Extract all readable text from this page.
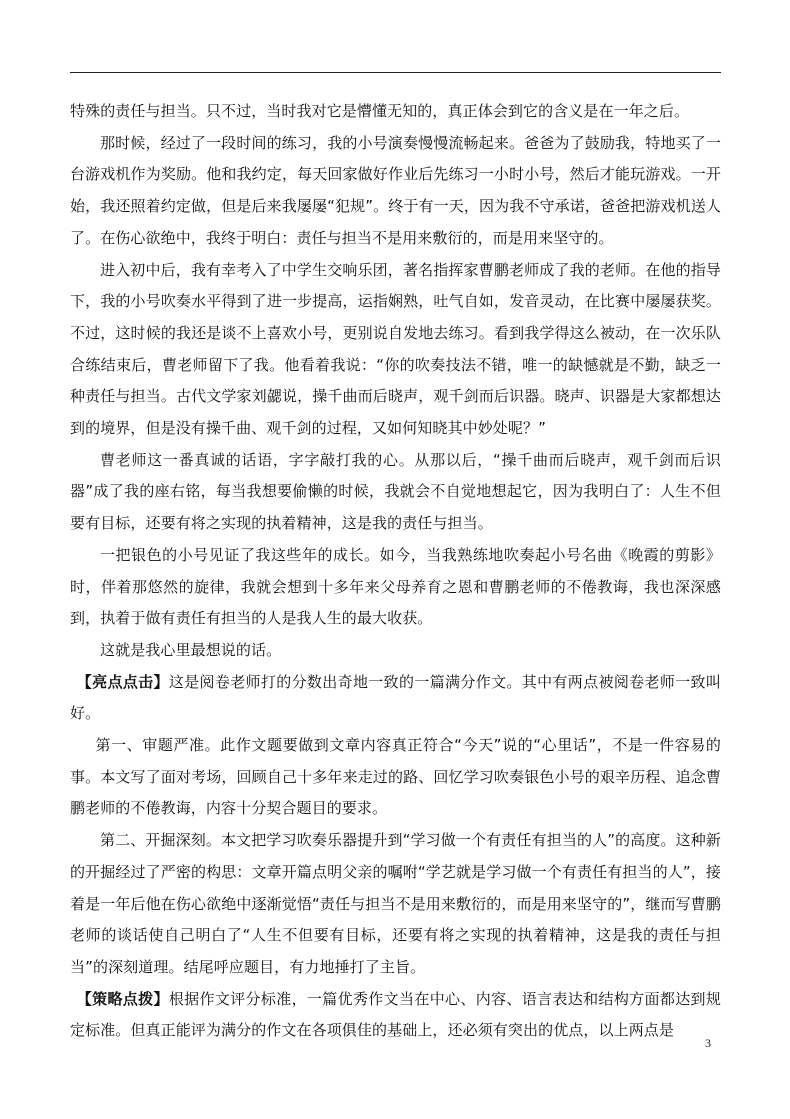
特殊的责任与担当。只不过，当时我对它是懵懂无知的，真正体会到它的含义是在一年之后。

那时候，经过了一段时间的练习，我的小号演奏慢慢流畅起来。爸爸为了鼓励我，特地买了一台游戏机作为奖励。他和我约定，每天回家做好作业后先练习一小时小号，然后才能玩游戏。一开始，我还照着约定做，但是后来我屡屡“犯规”。终于有一天，因为我不守承诺，爸爸把游戏机送人了。在伤心欲绝中，我终于明白：责任与担当不是用来敷衍的，而是用来坚守的。

进入初中后，我有幸考入了中学生交响乐团，著名指挥家曹鹏老师成了我的老师。在他的指导下，我的小号吹奏水平得到了进一步提高，运指娴熟，吐气自如，发音灵动，在比赛中屡屡获奖。不过，这时候的我还是谈不上喜欢小号，更别说自发地去练习。看到我学得这么被动，在一次乐队合练结束后，曹老师留下了我。他看着我说：“你的吹奏技法不错，唯一的缺憾就是不勤，缺乏一种责任与担当。古代文学家刘勰说，操千曲而后晓声，观千剑而后识器。晓声、识器是大家都想达到的境界，但是没有操千曲、观千剑的过程，又如何知晓其中妙处呢？”

曹老师这一番真诚的话语，字字敲打我的心。从那以后，“操千曲而后晓声，观千剑而后识器”成了我的座右铭，每当我想要偷懒的时候，我就会不自觉地想起它，因为我明白了：人生不但要有目标，还要有将之实现的执着精神，这是我的责任与担当。

一把银色的小号见证了我这些年的成长。如今，当我熟练地吹奏起小号名曲《晚霞的剪影》时，伴着那悠然的旋律，我就会想到十多年来父母养育之恩和曹鹏老师的不倦教诲，我也深深感到，执着于做有责任有担当的人是我人生的最大收获。

这就是我心里最想说的话。

【亮点点击】这是阅卷老师打的分数出奇地一致的一篇满分作文。其中有两点被阅卷老师一致叫好。

第一、审题严准。此作文题要做到文章内容真正符合“今天”说的“心里话”，不是一件容易的事。本文写了面对考场，回顾自己十多年来走过的路、回忆学习吹奏银色小号的艰辛历程、追念曹鹏老师的不倦教诲，内容十分契合题目的要求。

第二、开掘深刻。本文把学习吹奏乐器提升到“学习做一个有责任有担当的人”的高度。这种新的开掘经过了严密的构思：文章开篇点明父亲的嘱咐“学艺就是学习做一个有责任有担当的人”，接着是一年后他在伤心欲绝中逐渐觉悟“责任与担当不是用来敷衍的，而是用来坚守的”，继而写曹鹏老师的谈话使自己明白了“人生不但要有目标，还要有将之实现的执着精神，这是我的责任与担当”的深刻道理。结尾呼应题目，有力地捶打了主旨。

【策略点拨】根据作文评分标准，一篇优秀作文当在中心、内容、语言表达和结构方面都达到规定标准。但真正能评为满分的作文在各项俱佳的基础上，还必须有突出的优点，以上两点是

3
